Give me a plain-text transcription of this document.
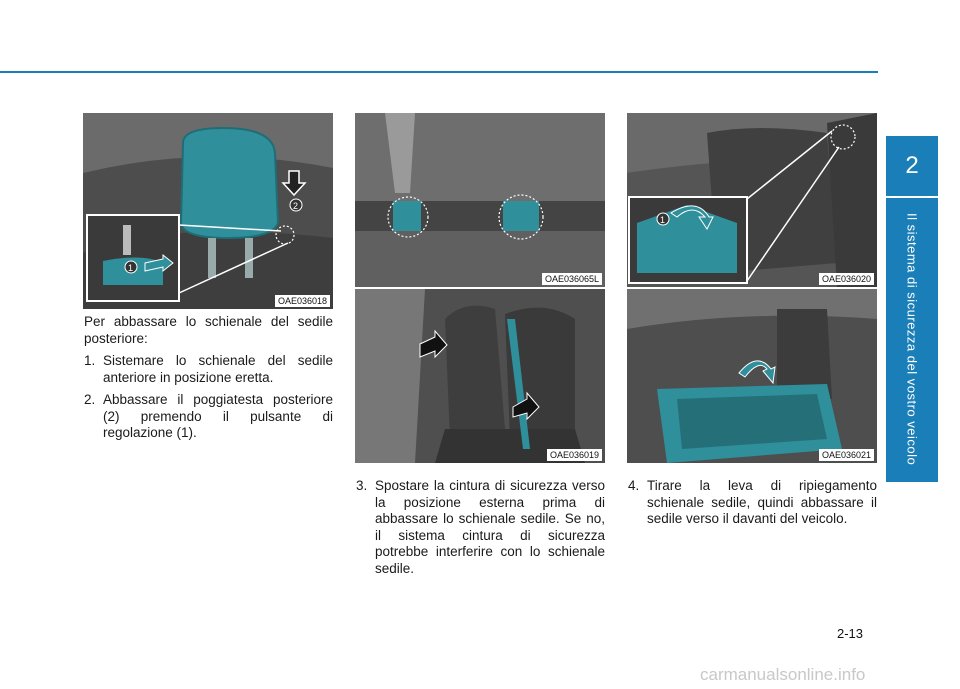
2
Il sistema di sicurezza del vostro veicolo
2
1
OAE036018
OAE036065L
OAE036019
1
OAE036020
OAE036021

Per abbassare lo schienale del sedile posteriore:

1. Sistemare lo schienale del sedile anteriore in posizione eretta.
2. Abbassare il poggiatesta posteriore (2) premendo il pulsante di regolazione (1).
3. Spostare la cintura di sicurezza verso la posizione esterna prima di abbassare lo schienale sedile. Se no, il sistema cintura di sicurezza potrebbe interferire con lo schienale sedile.
4. Tirare la leva di ripiegamento schienale sedile, quindi abbassare il sedile verso il davanti del veicolo.
2-13
carmanualsonline.info
